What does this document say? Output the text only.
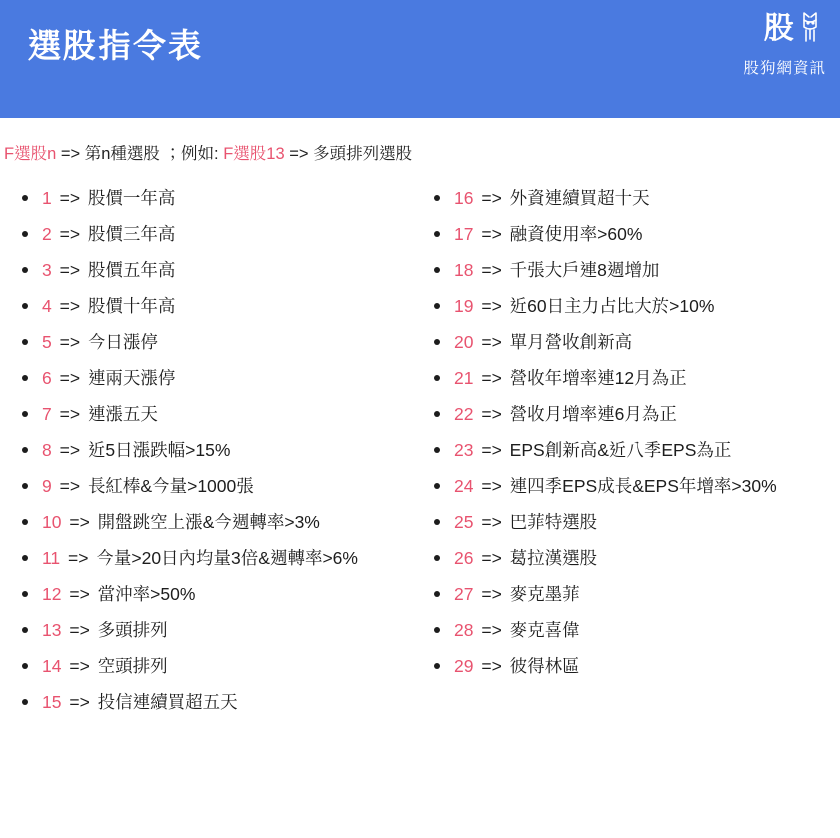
選股指令表	股
股狗網資訊
F選股n => 第n種選股 ；例如: F選股13 => 多頭排列選股
1 => 股價一年高
2 => 股價三年高
3 => 股價五年高
4 => 股價十年高
5 => 今日漲停
6 => 連兩天漲停
7 => 連漲五天
8 => 近5日漲跌幅>15%
9 => 長紅棒&今量>1000張
10 => 開盤跳空上漲&今週轉率>3%
11 => 今量>20日內均量3倍&週轉率>6%
12 => 當沖率>50%
13 => 多頭排列
14 => 空頭排列
15 => 投信連續買超五天
16 => 外資連續買超十天
17 => 融資使用率>60%
18 => 千張大戶連8週增加
19 => 近60日主力占比大於>10%
20 => 單月營收創新高
21 => 營收年增率連12月為正
22 => 營收月增率連6月為正
23 => EPS創新高&近八季EPS為正
24 => 連四季EPS成長&EPS年增率>30%
25 => 巴菲特選股
26 => 葛拉漢選股
27 => 麥克墨菲
28 => 麥克喜偉
29 => 彼得林區
